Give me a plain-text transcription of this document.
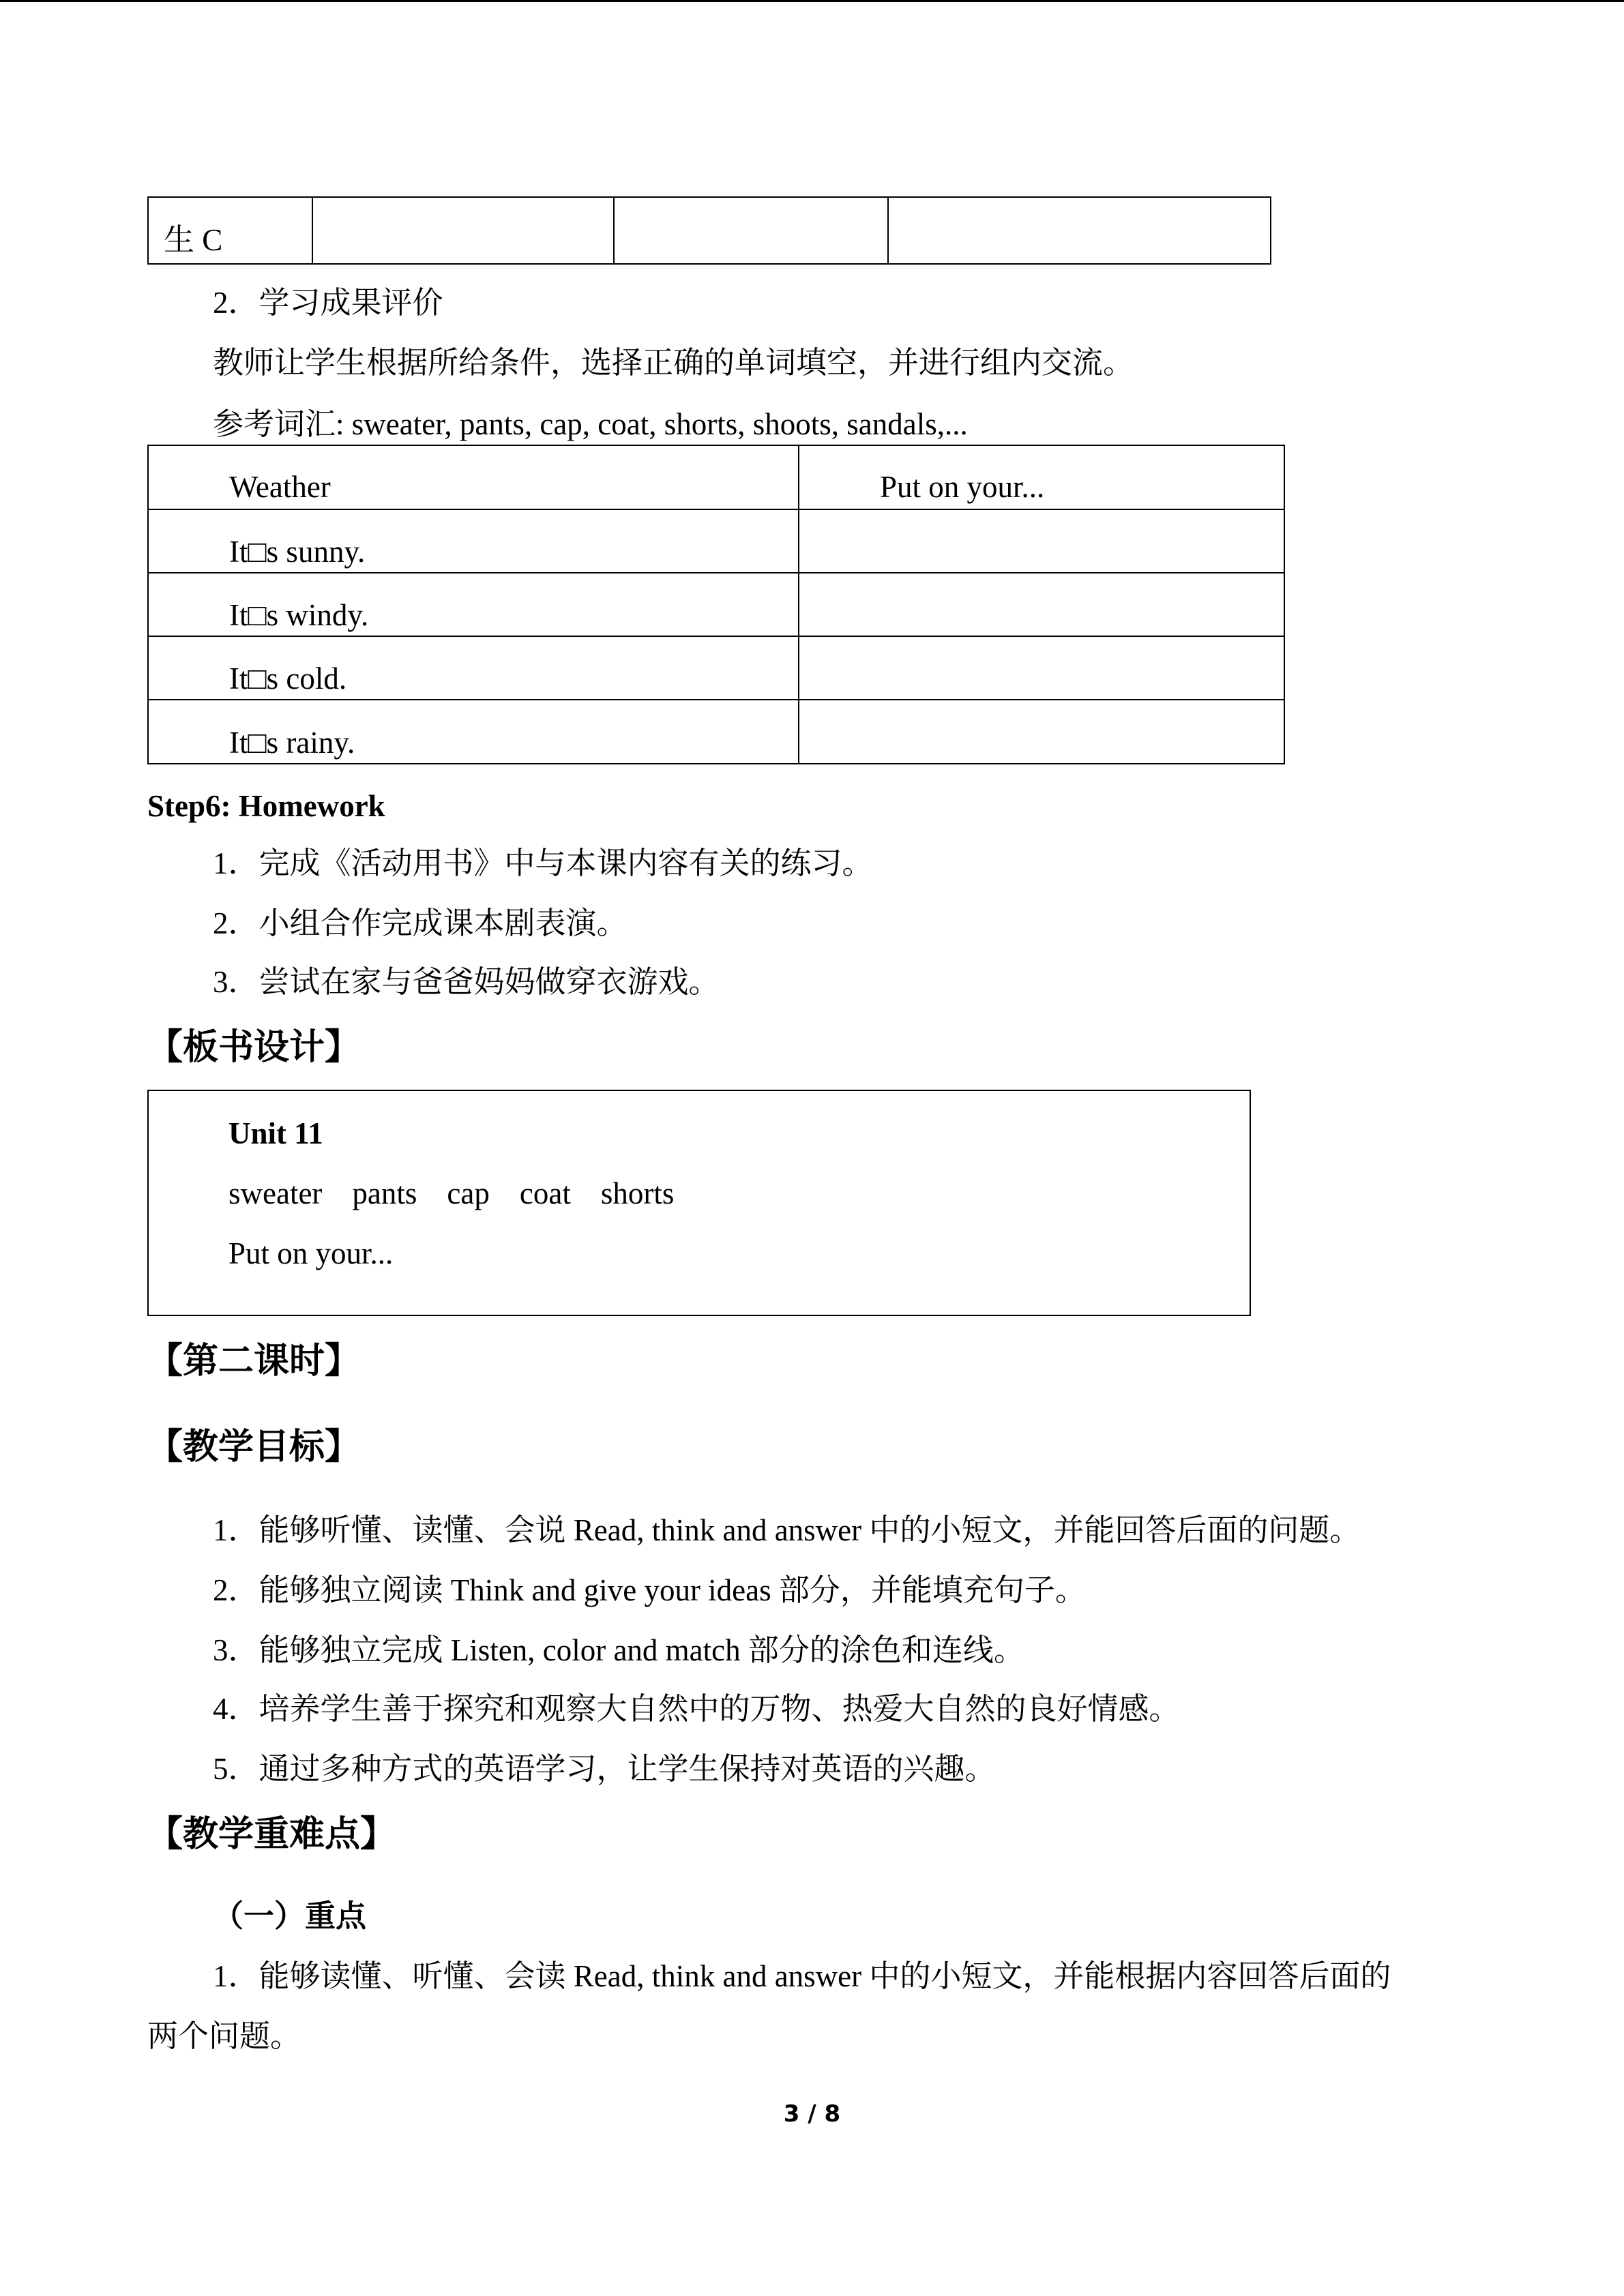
生 C			
2．学习成果评价
教师让学生根据所给条件，选择正确的单词填空，并进行组内交流。
参考词汇: sweater, pants, cap, coat, shorts, shoots, sandals,...
Weather	Put on your...
It□s sunny.	
It□s windy.	
It□s cold.	
It□s rainy.	
Step6: Homework
1．完成《活动用书》中与本课内容有关的练习。
2．小组合作完成课本剧表演。
3．尝试在家与爸爸妈妈做穿衣游戏。
【板书设计】
Unit 11
sweater pants cap coat shorts
Put on your...
【第二课时】
【教学目标】
1．能够听懂、读懂、会说 Read, think and answer 中的小短文，并能回答后面的问题。
2．能够独立阅读 Think and give your ideas 部分，并能填充句子。
3．能够独立完成 Listen, color and match 部分的涂色和连线。
4．培养学生善于探究和观察大自然中的万物、热爱大自然的良好情感。
5．通过多种方式的英语学习，让学生保持对英语的兴趣。
【教学重难点】
（一）重点
1．能够读懂、听懂、会读 Read, think and answer 中的小短文，并能根据内容回答后面的
两个问题。
3 / 8
